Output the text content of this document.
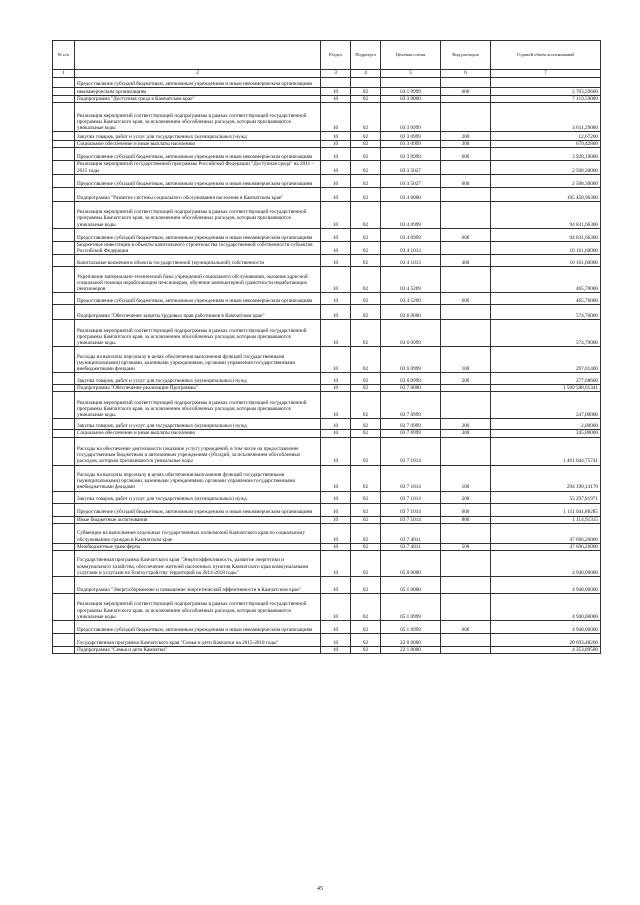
№ п/п		Раздел	Подраздел	Целевая статья	Вид расходов	Годовой объем ассигнований
1	2	3	4	5	6	7
	Предоставление субсидий бюджетным, автономным учреждениям и иным некоммерческим организациям					
	некоммерческим организациям	10	02	03 1 0999	600	2 703,59600
	Подпрограмма "Доступная среда в Камчатском крае"	10	02	03 3 0000		7 119,59000
	Реализация мероприятий соответствующей подпрограммы в рамках соответствующей государственной программы Камчатского края, за исключением обособленных расходов, которым присваиваются уникальные коды	10	02	03 3 0999		4 611,29000
	Закупка товаров, работ и услуг для государственных (муниципальных) нужд	10	02	03 3 0999	200	12,67200
	Социальное обеспечение и иные выплаты населению	10	02	03 3 0999	300	670,42800
	Предоставление субсидий бюджетным, автономным учреждениям и иным некоммерческим организациям	10	02	03 3 0999	600	3 928,19000
	Реализация мероприятий государственной программы Российской Федерации "Доступная среда" на 2011 - 2015 годы	10	02	03 3 5027		2 508,30000
	Предоставление субсидий бюджетным, автономным учреждениям и иным некоммерческим организациям	10	02	03 3 5027	600	2 508,30000
	Подпрограмма "Развитие системы социального обслуживания населения в Камчатском крае"	10	02	03 4 0000		105 458,96300
	Реализация мероприятий соответствующей подпрограммы в рамках соответствующей государственной программы Камчатского края, за исключением обособленных расходов, которым присваиваются уникальные коды	10	02	03 4 0999		94 831,66300
	Предоставление субсидий бюджетным, автономным учреждениям и иным некоммерческим организациям	10	02	03 4 0999	600	94 831,66300
	Бюджетные инвестиции в объекты капитального строительства государственной собственности субъектов Российской Федерации	10	02	03 4 1013		10 161,60000
	Капитальные вложения в объекты государственной (муниципальной) собственности	10	02	03 4 1013	400	10 161,60000
	Укрепление материально-технической базы учреждений социального обслуживания, оказание адресной социальной помощи неработающим пенсионерам, обучение компьютерной грамотности неработающих пенсионеров	10	02	03 4 5209		465,70000
	Предоставление субсидий бюджетным, автономным учреждениям и иным некоммерческим организациям	10	02	03 4 5209	600	465,70000
	Подпрограмма "Обеспечение защиты трудовых прав работников в Камчатском крае"	10	02	03 6 0000		574,70000
	Реализация мероприятий соответствующей подпрограммы в рамках соответствующей государственной программы Камчатского края, за исключением обособленных расходов, которым присваиваются уникальные коды	10	02	03 6 0999		574,70000
	Расходы на выплаты персоналу в целях обеспечения выполнения функций государственными (муниципальными) органами, казенными учреждениями, органами управления государственными внебюджетными фондами	10	02	03 6 0999	100	297,01400
	Закупка товаров, работ и услуг для государственных (муниципальных) нужд	10	02	03 6 0999	200	277,68600
	Подпрограмма "Обеспечение реализации Программы"	10	02	03 7 0000		1 509 588,01341
	Реализация мероприятий соответствующей подпрограммы в рамках соответствующей государственной программы Камчатского края, за исключением обособленных расходов, которым присваиваются уникальные коды	10	02	03 7 0999		247,00000
	Закупка товаров, работ и услуг для государственных (муниципальных) нужд	10	02	03 7 0999	200	2,00000
	Социальное обеспечение и иные выплаты населению	10	02	03 7 0999	300	245,00000
	Расходы на обеспечение деятельности (оказание услуг) учреждений, в том числе на предоставление государственным бюджетным и автономным учреждениям субсидий, за исключением обособленных расходов, которым присваиваются уникальные коды	10	02	03 7 1014		1 461 644,75741
	Расходы на выплаты персоналу в целях обеспечения выполнения функций государственными (муниципальными) органами, казенными учреждениями, органами управления государственными внебюджетными фондами	10	02	03 7 1014	100	294 190,14170
	Закупка товаров, работ и услуг для государственных (муниципальных) нужд	10	02	03 7 1014	200	55 297,81971
	Предоставление субсидий бюджетным, автономным учреждениям и иным некоммерческим организациям	10	02	03 7 1014	600	1 111 041,88285
	Иные бюджетные ассигнования	10	02	03 7 1014	800	1 114,91315
	Субвенции на выполнение отдельных государственных полномочий Камчатского края по социальному обслуживанию граждан в Камчатском крае	10	02	03 7 4011		47 696,26000
	Межбюджетные трансферты	10	02	03 7 4011	500	47 696,26000
	Государственная программа Камчатского края "Энергоэффективность, развитие энергетики и коммунального хозяйства, обеспечение жителей населенных пунктов Камчатского края коммунальными услугами и услугами по благоустройству территорий на 2014-2018 годы"	10	02	05 0 0000		4 940,00000
	Подпрограмма "Энергосбережение и повышение энергетической эффективности в Камчатском крае"	10	02	05 1 0000		4 940,00000
	Реализация мероприятий соответствующей подпрограммы в рамках соответствующей государственной программы Камчатского края, за исключением обособленных расходов, которым присваиваются уникальные коды	10	02	05 1 0999		4 940,00000
	Предоставление субсидий бюджетным, автономным учреждениям и иным некоммерческим организациям	10	02	05 1 0999	600	4 940,00000
	Государственная программа Камчатского края "Семья и дети Камчатки на 2015-2018 годы"	10	02	22 0 0000		20 693,48200
	Подпрограмма "Семья и дети Камчатки"	10	02	22 1 0000		4 353,89500
45
